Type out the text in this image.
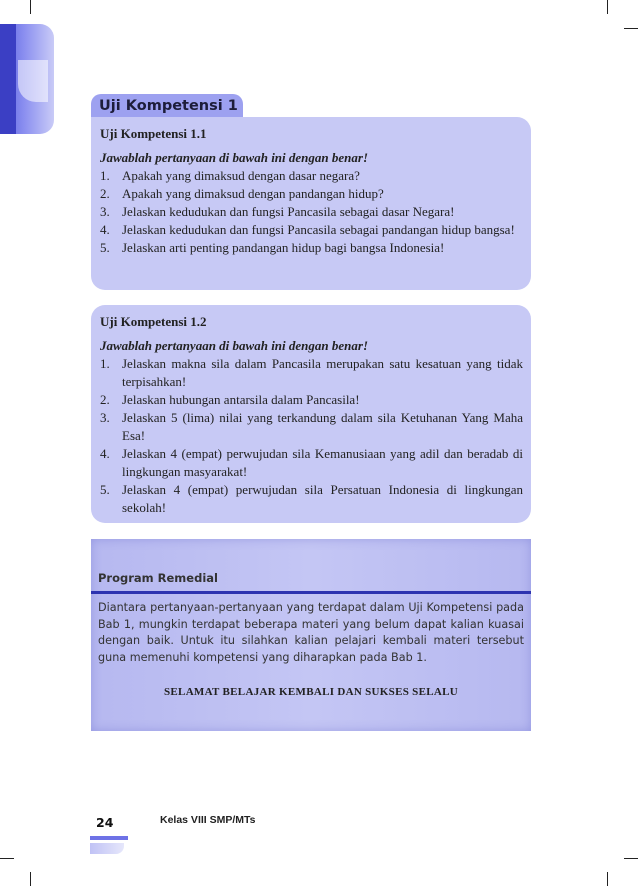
Uji Kompetensi 1
Uji Kompetensi 1.1
Jawablah pertanyaan di bawah ini dengan benar!
1. Apakah yang dimaksud dengan dasar negara?
2. Apakah yang dimaksud dengan pandangan hidup?
3. Jelaskan kedudukan dan fungsi Pancasila sebagai dasar Negara!
4. Jelaskan kedudukan dan fungsi Pancasila sebagai pandangan hidup bangsa!
5. Jelaskan arti penting pandangan hidup bagi bangsa Indonesia!
Uji Kompetensi 1.2
Jawablah pertanyaan di bawah ini dengan benar!
1. Jelaskan makna sila dalam Pancasila merupakan satu kesatuan yang tidak terpisahkan!
2. Jelaskan hubungan antarsila dalam Pancasila!
3. Jelaskan 5 (lima) nilai yang terkandung dalam sila Ketuhanan Yang Maha Esa!
4. Jelaskan 4 (empat) perwujudan sila Kemanusiaan yang adil dan beradab di lingkungan masyarakat!
5. Jelaskan 4 (empat) perwujudan sila Persatuan Indonesia di lingkungan sekolah!
Program Remedial
Diantara pertanyaan-pertanyaan yang terdapat dalam Uji Kompetensi pada Bab 1, mungkin terdapat beberapa materi yang belum dapat kalian kuasai dengan baik. Untuk itu silahkan kalian pelajari kembali materi tersebut guna memenuhi kompetensi yang diharapkan pada Bab 1.
SELAMAT BELAJAR KEMBALI DAN SUKSES SELALU
24	Kelas VIII SMP/MTs
